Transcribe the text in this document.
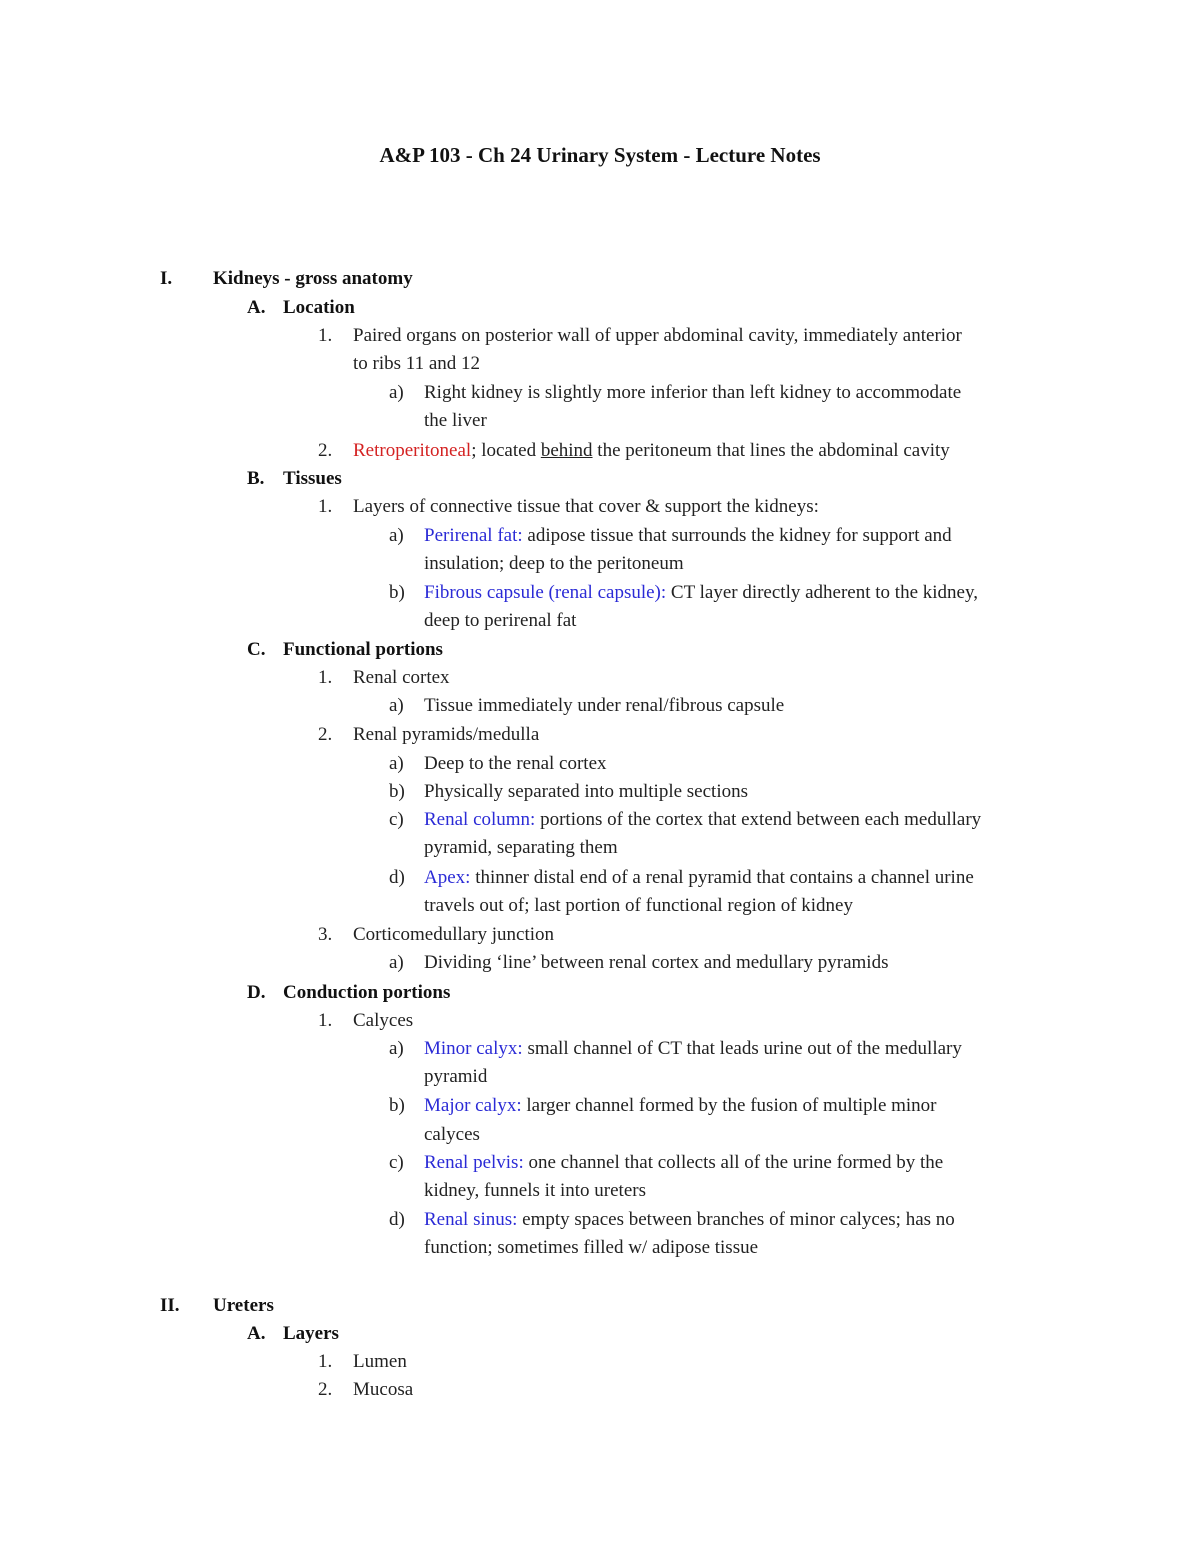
A&P 103 - Ch 24 Urinary System - Lecture Notes
I. Kidneys - gross anatomy
A. Location
1. Paired organs on posterior wall of upper abdominal cavity, immediately anterior
to ribs 11 and 12
a) Right kidney is slightly more inferior than left kidney to accommodate
the liver
2. Retroperitoneal; located behind the peritoneum that lines the abdominal cavity
B. Tissues
1. Layers of connective tissue that cover & support the kidneys:
a) Perirenal fat: adipose tissue that surrounds the kidney for support and
insulation; deep to the peritoneum
b) Fibrous capsule (renal capsule): CT layer directly adherent to the kidney,
deep to perirenal fat
C. Functional portions
1. Renal cortex
a) Tissue immediately under renal/fibrous capsule
2. Renal pyramids/medulla
a) Deep to the renal cortex
b) Physically separated into multiple sections
c) Renal column: portions of the cortex that extend between each medullary
pyramid, separating them
d) Apex: thinner distal end of a renal pyramid that contains a channel urine
travels out of; last portion of functional region of kidney
3. Corticomedullary junction
a) Dividing ‘line’ between renal cortex and medullary pyramids
D. Conduction portions
1. Calyces
a) Minor calyx: small channel of CT that leads urine out of the medullary
pyramid
b) Major calyx: larger channel formed by the fusion of multiple minor
calyces
c) Renal pelvis: one channel that collects all of the urine formed by the
kidney, funnels it into ureters
d) Renal sinus: empty spaces between branches of minor calyces; has no
function; sometimes filled w/ adipose tissue
II. Ureters
A. Layers
1. Lumen
2. Mucosa
